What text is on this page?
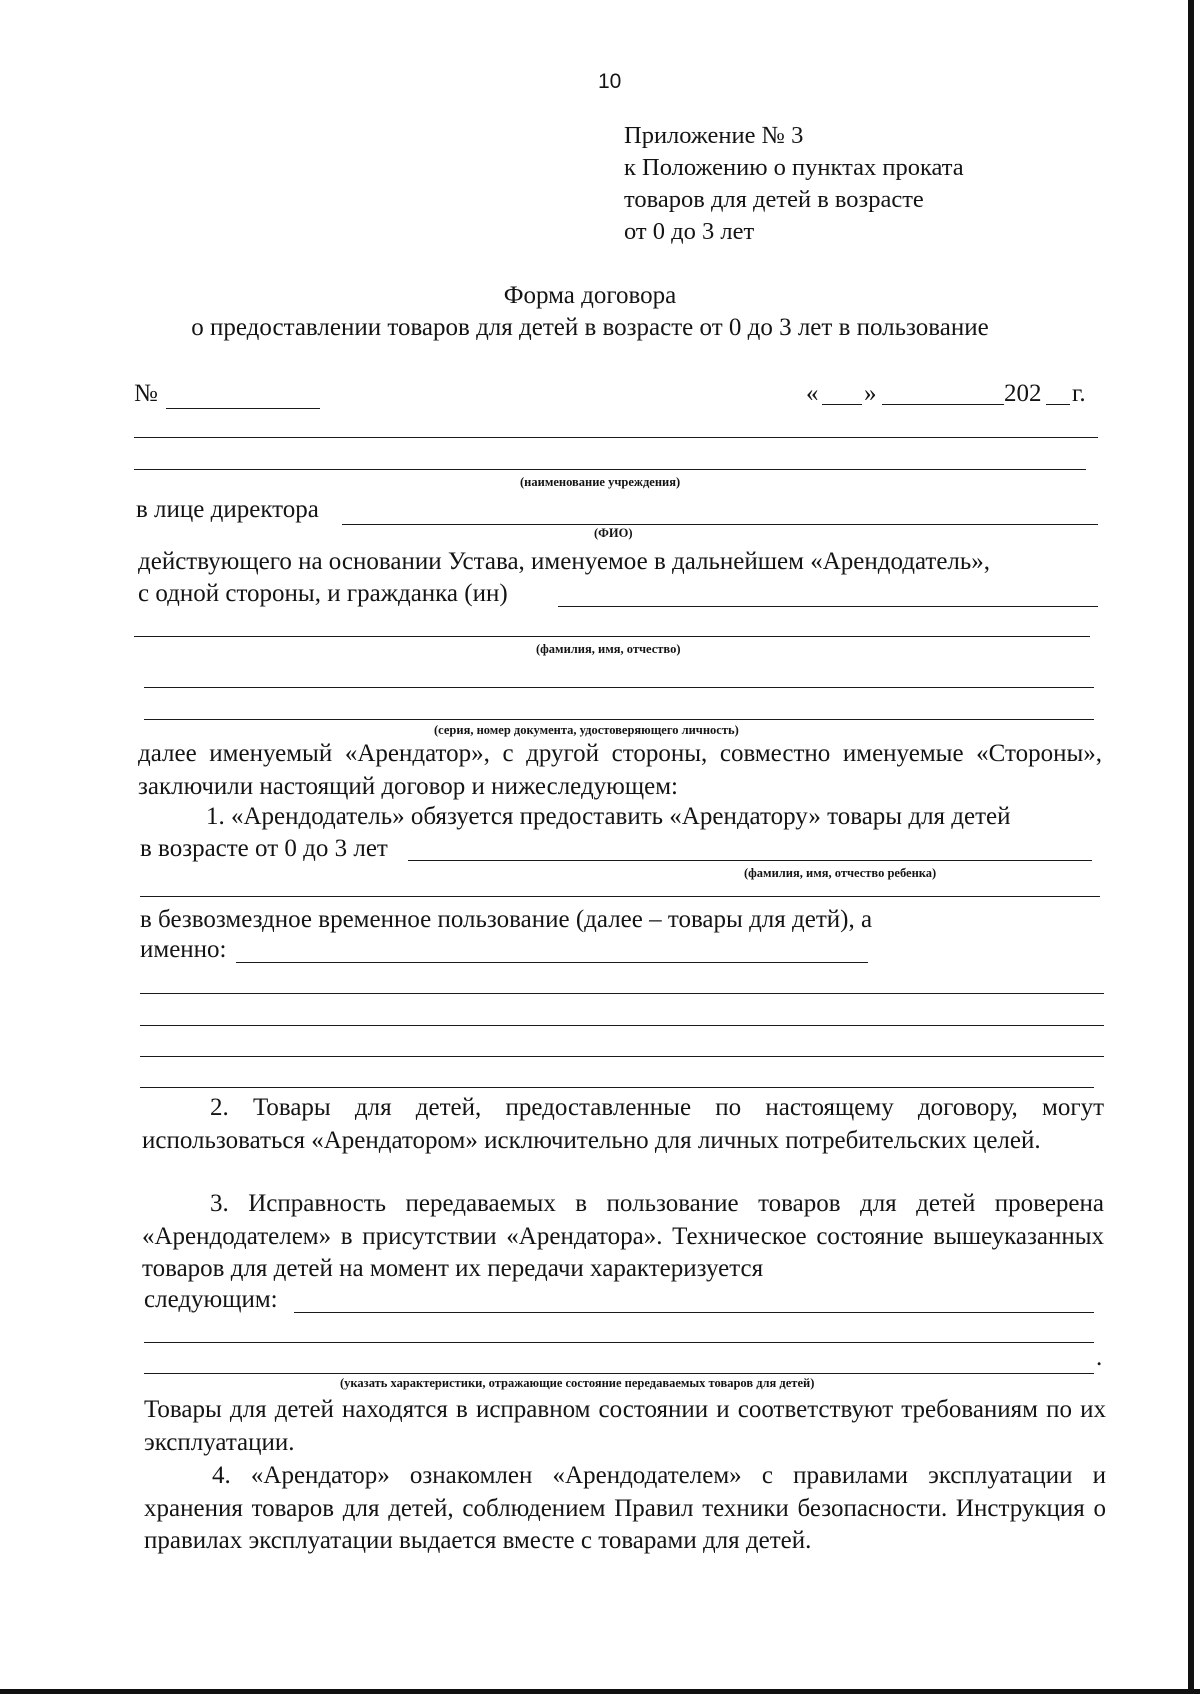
10
Приложение № 3
к Положению о пунктах проката
товаров для детей в возрасте
от 0 до 3 лет
Форма договора
о предоставлении товаров для детей в возрасте от 0 до 3 лет в пользование
№	« »	202 г.
(наименование учреждения)
в лице директора
(ФИО)
действующего на основании Устава, именуемое в дальнейшем «Арендодатель»,
с одной стороны, и гражданка (ин)
(фамилия, имя, отчество)
(серия, номер документа, удостоверяющего личность)
далее именуемый «Арендатор», с другой стороны, совместно именуемые «Стороны», заключили настоящий договор и нижеследующем:
1. «Арендодатель» обязуется предоставить «Арендатору» товары для детей
в возрасте от 0 до 3 лет
(фамилия, имя, отчество ребенка)
в безвозмездное временное пользование (далее – товары для детй), а
именно:
2. Товары для детей, предоставленные по настоящему договору, могут использоваться «Арендатором» исключительно для личных потребительских целей.
3. Исправность передаваемых в пользование товаров для детей проверена «Арендодателем» в присутствии «Арендатора». Техническое состояние вышеуказанных товаров для детей на момент их передачи характеризуется
следующим:
.
(указать характеристики, отражающие состояние передаваемых товаров для детей)
Товары для детей находятся в исправном состоянии и соответствуют требованиям по их эксплуатации.
4. «Арендатор» ознакомлен «Арендодателем» с правилами эксплуатации и хранения товаров для детей, соблюдением Правил техники безопасности. Инструкция о правилах эксплуатации выдается вместе с товарами для детей.
